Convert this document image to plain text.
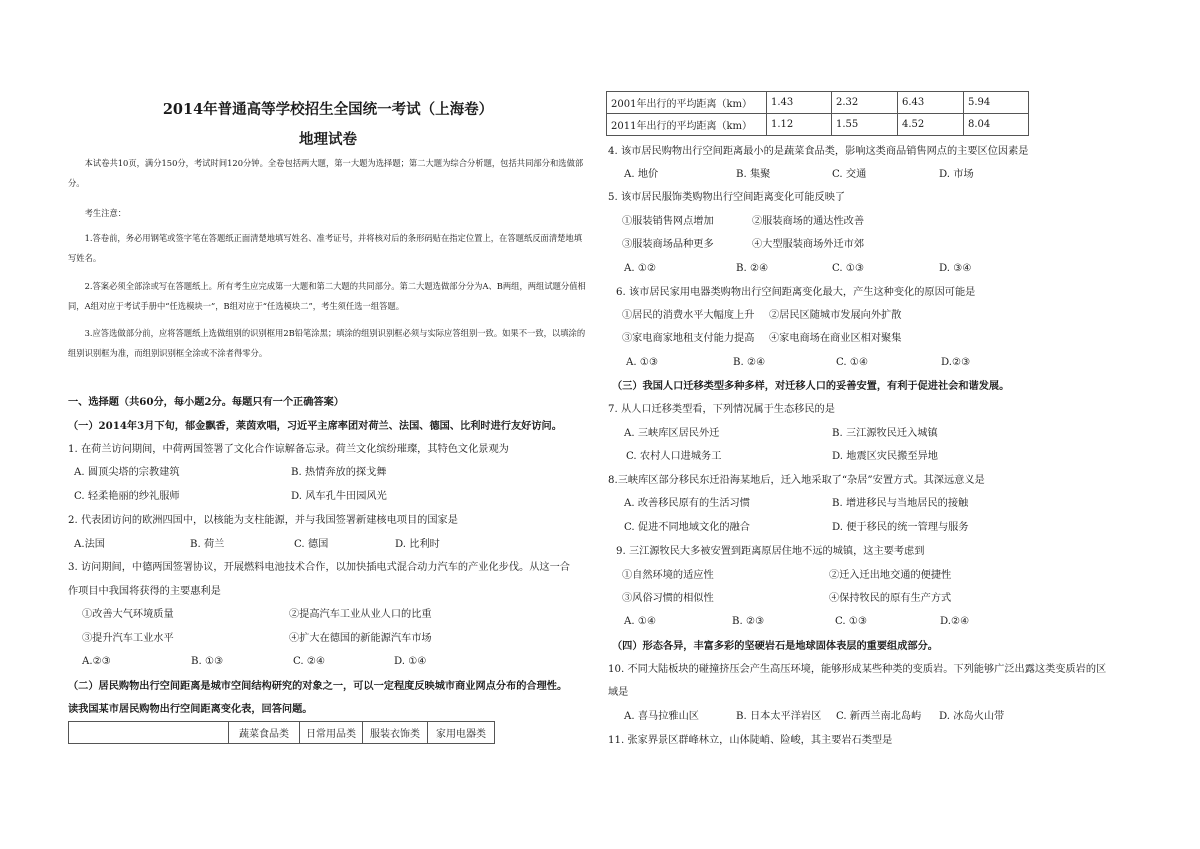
2014年普通高等学校招生全国统一考试（上海卷）
地理试卷
本试卷共10页，满分150分，考试时间120分钟。全卷包括两大题，第一大题为选择题；第二大题为综合分析题，包括共同部分和选做部分。
考生注意：
1.答卷前，务必用钢笔或签字笔在答题纸正面清楚地填写姓名、准考证号，并将核对后的条形码贴在指定位置上，在答题纸反面清楚地填写姓名。
2.答案必须全部涂或写在答题纸上。所有考生应完成第一大题和第二大题的共同部分。第二大题选做部分分为A、B两组，两组试题分值相同，A组对应于考试手册中“任选模块一”，B组对应于“任选模块二”，考生须任选一组答题。
3.应答选做部分前，应将答题纸上选做组别的识别框用2B铅笔涂黑；填涂的组别识别框必须与实际应答组别一致。如果不一致，以填涂的组别识别框为准，而组别识别框全涂或不涂者得零分。
一、选择题（共60分，每小题2分。每题只有一个正确答案）
（一）2014年3月下旬，郁金飘香，莱茵欢唱，习近平主席率团对荷兰、法国、德国、比利时进行友好访问。
1. 在荷兰访问期间，中荷两国签署了文化合作谅解备忘录。荷兰文化缤纷璀璨，其特色文化景观为
A. 圆顶尖塔的宗教建筑	B. 热情奔放的探戈舞
C. 轻柔艳丽的纱礼服师	D. 风车孔牛田园风光
2. 代表团访问的欧洲四国中，以核能为支柱能源，并与我国签署新建核电项目的国家是
A.法国	B. 荷兰	C. 德国	D. 比利时
3. 访问期间，中德两国签署协议，开展燃料电池技术合作，以加快插电式混合动力汽车的产业化步伐。从这一合
作项目中我国将获得的主要惠利是
①改善大气环境质量	②提高汽车工业从业人口的比重
③提升汽车工业水平	④扩大在德国的新能源汽车市场
A.②③	B. ①③	C. ②④	D. ①④
（二）居民购物出行空间距离是城市空间结构研究的对象之一，可以一定程度反映城市商业网点分布的合理性。
读我国某市居民购物出行空间距离变化表，回答问题。
	蔬菜食品类	日常用品类	服装衣饰类	家用电器类
2001年出行的平均距离（km）	1.43	2.32	6.43	5.94
2011年出行的平均距离（km）	1.12	1.55	4.52	8.04
4. 该市居民购物出行空间距离最小的是蔬菜食品类，影响这类商品销售网点的主要区位因素是
A. 地价	B. 集聚	C. 交通	D. 市场
5. 该市居民服饰类购物出行空间距离变化可能反映了
①服装销售网点增加	②服装商场的通达性改善
③服装商场品种更多	④大型服装商场外迁市郊
A. ①②	B. ②④	C. ①③	D. ③④
6. 该市居民家用电器类购物出行空间距离变化最大，产生这种变化的原因可能是
①居民的消费水平大幅度上升 ②居民区随城市发展向外扩散
③家电商家地租支付能力提高 ④家电商场在商业区相对聚集
A. ①③	B. ②④	C. ①④	D.②③
（三）我国人口迁移类型多种多样，对迁移人口的妥善安置，有利于促进社会和谐发展。
7. 从人口迁移类型看，下列情况属于生态移民的是
A. 三峡库区居民外迁	B. 三江源牧民迁入城镇
C. 农村人口进城务工	D. 地震区灾民搬至异地
8.三峡库区部分移民东迁沿海某地后，迁入地采取了“杂居”安置方式。其深远意义是
A. 改善移民原有的生活习惯	B. 增进移民与当地居民的接触
C. 促进不同地域文化的融合	D. 便于移民的统一管理与服务
9. 三江源牧民大多被安置到距离原居住地不远的城镇，这主要考虑到
①自然环境的适应性	②迁入迁出地交通的便捷性
③风俗习惯的相似性	④保持牧民的原有生产方式
A. ①④	B. ②③	C. ①③	D.②④
（四）形态各异，丰富多彩的坚硬岩石是地球固体表层的重要组成部分。
10. 不同大陆板块的碰撞挤压会产生高压环境，能够形成某些种类的变质岩。下列能够广泛出露这类变质岩的区
域是
A. 喜马拉雅山区	B. 日本太平洋岩区 C. 新西兰南北岛屿 D. 冰岛火山带
11. 张家界景区群峰林立，山体陡峭、险峻，其主要岩石类型是
